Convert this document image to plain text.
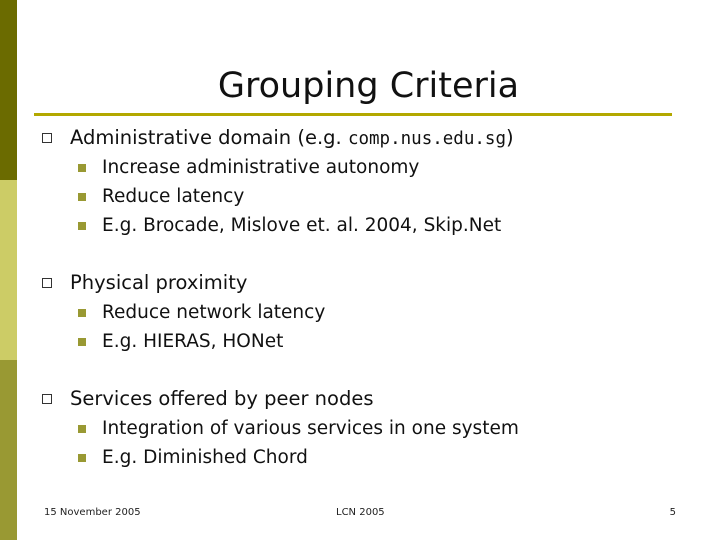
Grouping Criteria
Administrative domain (e.g. comp.nus.edu.sg)
Increase administrative autonomy
Reduce latency
E.g. Brocade, Mislove et. al. 2004, Skip.Net
Physical proximity
Reduce network latency
E.g. HIERAS, HONet
Services offered by peer nodes
Integration of various services in one system
E.g. Diminished Chord
15 November 2005	LCN 2005	5
